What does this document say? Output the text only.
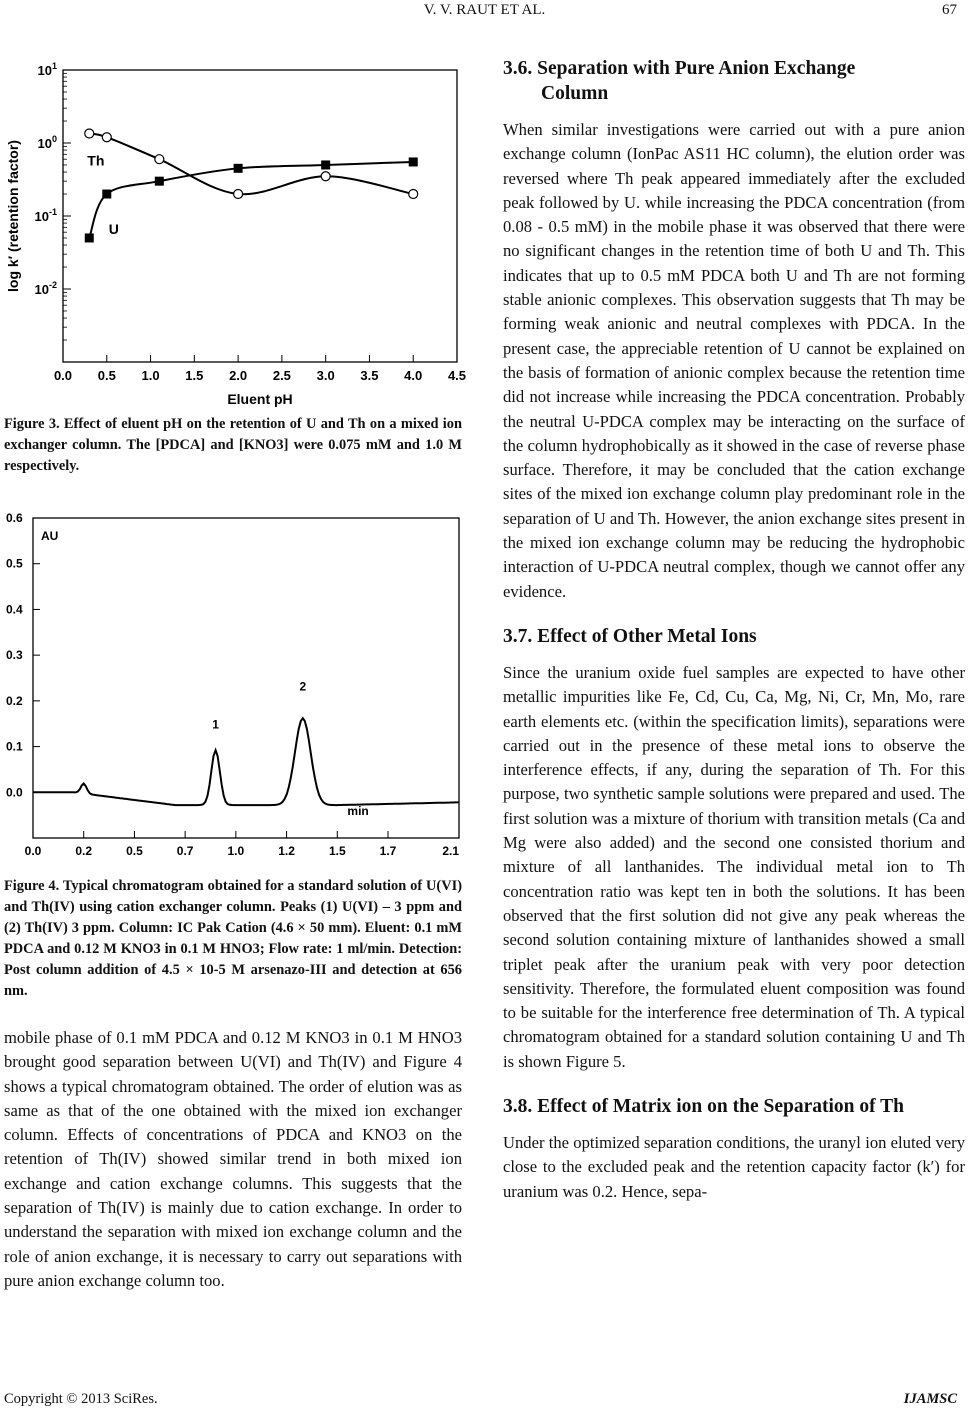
V. V. RAUT ET AL.	67
0.0 0.5 1.0 1.5 2.0 2.5 3.0 3.5 4.0 4.5
$10^1$
$10^0$
$10^{-1}$
$10^{-2}$
Eluent pH
log k′ (retention factor)	Th
U
Figure 3. Effect of eluent pH on the retention of U and Th on a mixed ion exchanger column. The [PDCA] and [KNO3] were 0.075 mM and 1.0 M respectively.
0.6
0.5
0.4
0.3
0.2
0.1
0.0
0.0	0.2	0.5	0.7	1.0	1.2	1.5	1.7	2.1
AU
min
1
2
Figure 4. Typical chromatogram obtained for a standard solution of U(VI) and Th(IV) using cation exchanger column. Peaks (1) U(VI) – 3 ppm and (2) Th(IV) 3 ppm. Column: IC Pak Cation (4.6 × 50 mm). Eluent: 0.1 mM PDCA and 0.12 M KNO3 in 0.1 M HNO3; Flow rate: 1 ml/min. Detection: Post column addition of 4.5 × 10-5 M arsenazo-III and detection at 656 nm.

mobile phase of 0.1 mM PDCA and 0.12 M KNO3 in 0.1 M HNO3 brought good separation between U(VI) and Th(IV) and Figure 4 shows a typical chromatogram obtained. The order of elution was as same as that of the one obtained with the mixed ion exchanger column. Effects of concentrations of PDCA and KNO3 on the retention of Th(IV) showed similar trend in both mixed ion exchange and cation exchange columns. This suggests that the separation of Th(IV) is mainly due to cation exchange. In order to understand the separation with mixed ion exchange column and the role of anion exchange, it is necessary to carry out separations with pure anion exchange column too.

3.6. Separation with Pure Anion Exchange
Column

When similar investigations were carried out with a pure anion exchange column (IonPac AS11 HC column), the elution order was reversed where Th peak appeared immediately after the excluded peak followed by U. while increasing the PDCA concentration (from 0.08 - 0.5 mM) in the mobile phase it was observed that there were no significant changes in the retention time of both U and Th. This indicates that up to 0.5 mM PDCA both U and Th are not forming stable anionic complexes. This observation suggests that Th may be forming weak anionic and neutral complexes with PDCA. In the present case, the appreciable retention of U cannot be explained on the basis of formation of anionic complex because the retention time did not increase while increasing the PDCA concentration. Probably the neutral U-PDCA complex may be interacting on the surface of the column hydrophobically as it showed in the case of reverse phase surface. Therefore, it may be concluded that the cation exchange sites of the mixed ion exchange column play predominant role in the separation of U and Th. However, the anion exchange sites present in the mixed ion exchange column may be reducing the hydrophobic interaction of U-PDCA neutral complex, though we cannot offer any evidence.

3.7. Effect of Other Metal Ions

Since the uranium oxide fuel samples are expected to have other metallic impurities like Fe, Cd, Cu, Ca, Mg, Ni, Cr, Mn, Mo, rare earth elements etc. (within the specification limits), separations were carried out in the presence of these metal ions to observe the interference effects, if any, during the separation of Th. For this purpose, two synthetic sample solutions were prepared and used. The first solution was a mixture of thorium with transition metals (Ca and Mg were also added) and the second one consisted thorium and mixture of all lanthanides. The individual metal ion to Th concentration ratio was kept ten in both the solutions. It has been observed that the first solution did not give any peak whereas the second solution containing mixture of lanthanides showed a small triplet peak after the uranium peak with very poor detection sensitivity. Therefore, the formulated eluent composition was found to be suitable for the interference free determination of Th. A typical chromatogram obtained for a standard solution containing U and Th is shown Figure 5.

3.8. Effect of Matrix ion on the Separation of Th

Under the optimized separation conditions, the uranyl ion eluted very close to the excluded peak and the retention capacity factor (k′) for uranium was 0.2. Hence, sepa-

Copyright © 2013 SciRes.	IJAMSC
